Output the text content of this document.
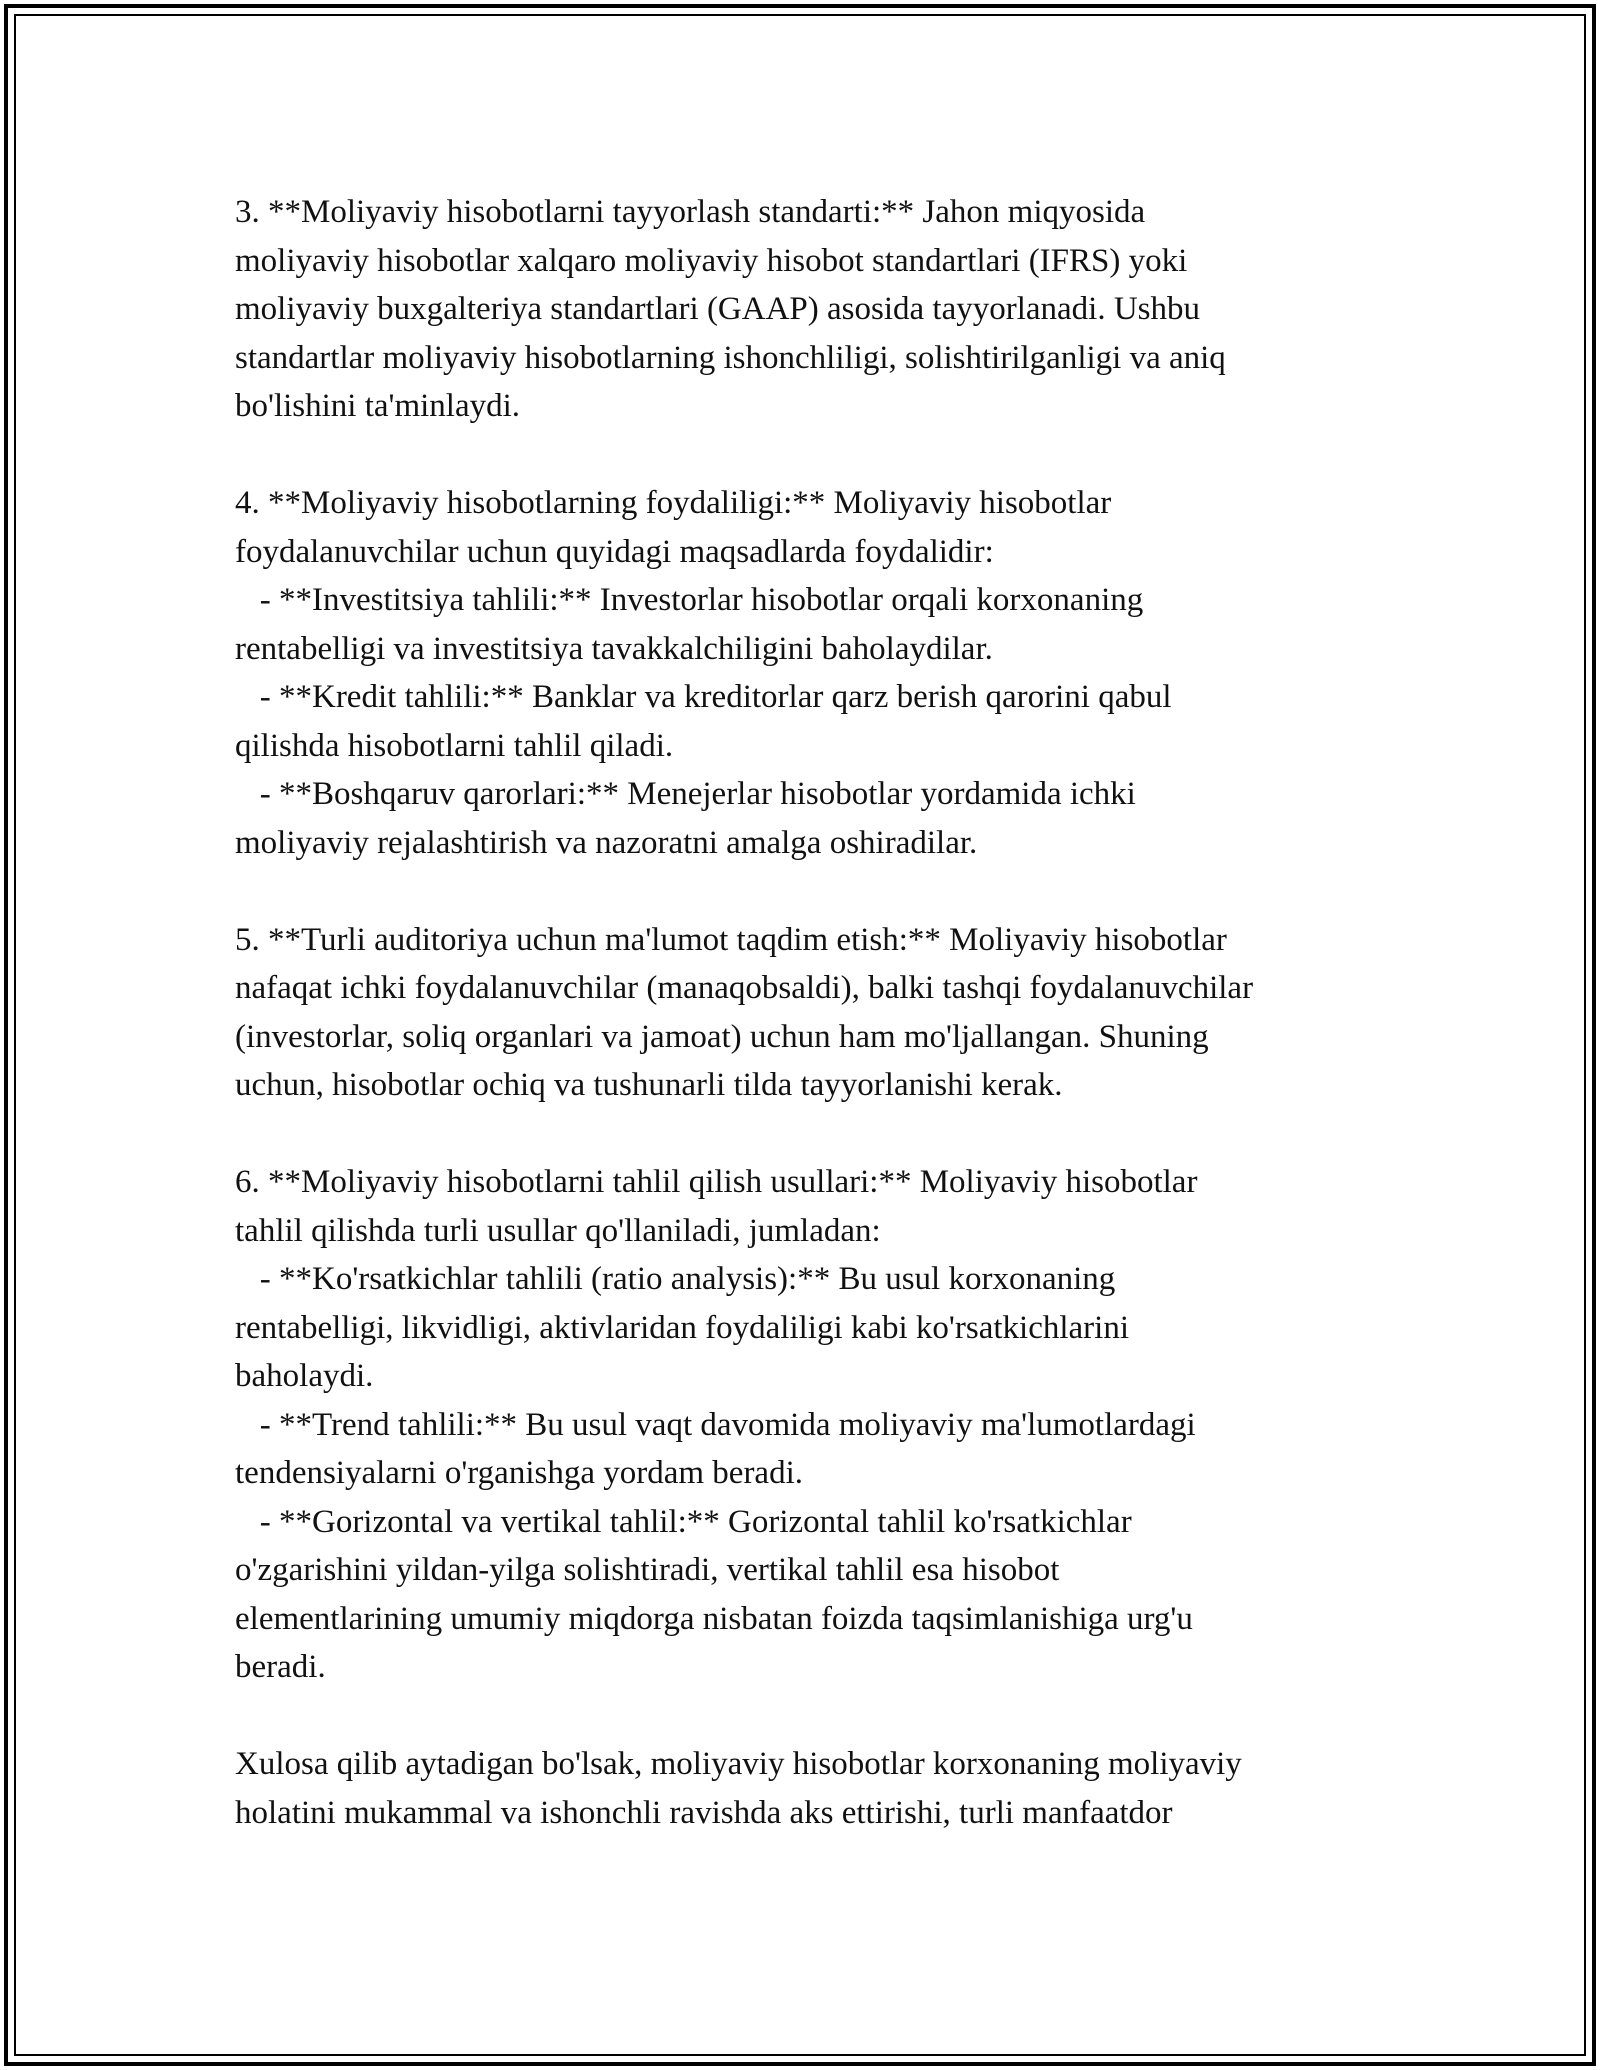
3. **Moliyaviy hisobotlarni tayyorlash standarti:** Jahon miqyosida

moliyaviy hisobotlar xalqaro moliyaviy hisobot standartlari (IFRS) yoki

moliyaviy buxgalteriya standartlari (GAAP) asosida tayyorlanadi. Ushbu

standartlar moliyaviy hisobotlarning ishonchliligi, solishtirilganligi va aniq

bo'lishini ta'minlaydi.

4. **Moliyaviy hisobotlarning foydaliligi:** Moliyaviy hisobotlar

foydalanuvchilar uchun quyidagi maqsadlarda foydalidir:

- **Investitsiya tahlili:** Investorlar hisobotlar orqali korxonaning

rentabelligi va investitsiya tavakkalchiligini baholaydilar.

- **Kredit tahlili:** Banklar va kreditorlar qarz berish qarorini qabul

qilishda hisobotlarni tahlil qiladi.

- **Boshqaruv qarorlari:** Menejerlar hisobotlar yordamida ichki

moliyaviy rejalashtirish va nazoratni amalga oshiradilar.

5. **Turli auditoriya uchun ma'lumot taqdim etish:** Moliyaviy hisobotlar

nafaqat ichki foydalanuvchilar (manaqobsaldi), balki tashqi foydalanuvchilar

(investorlar, soliq organlari va jamoat) uchun ham mo'ljallangan. Shuning

uchun, hisobotlar ochiq va tushunarli tilda tayyorlanishi kerak.

6. **Moliyaviy hisobotlarni tahlil qilish usullari:** Moliyaviy hisobotlar

tahlil qilishda turli usullar qo'llaniladi, jumladan:

- **Ko'rsatkichlar tahlili (ratio analysis):** Bu usul korxonaning

rentabelligi, likvidligi, aktivlaridan foydaliligi kabi ko'rsatkichlarini

baholaydi.

- **Trend tahlili:** Bu usul vaqt davomida moliyaviy ma'lumotlardagi

tendensiyalarni o'rganishga yordam beradi.

- **Gorizontal va vertikal tahlil:** Gorizontal tahlil ko'rsatkichlar

o'zgarishini yildan-yilga solishtiradi, vertikal tahlil esa hisobot

elementlarining umumiy miqdorga nisbatan foizda taqsimlanishiga urg'u

beradi.

Xulosa qilib aytadigan bo'lsak, moliyaviy hisobotlar korxonaning moliyaviy

holatini mukammal va ishonchli ravishda aks ettirishi, turli manfaatdor
